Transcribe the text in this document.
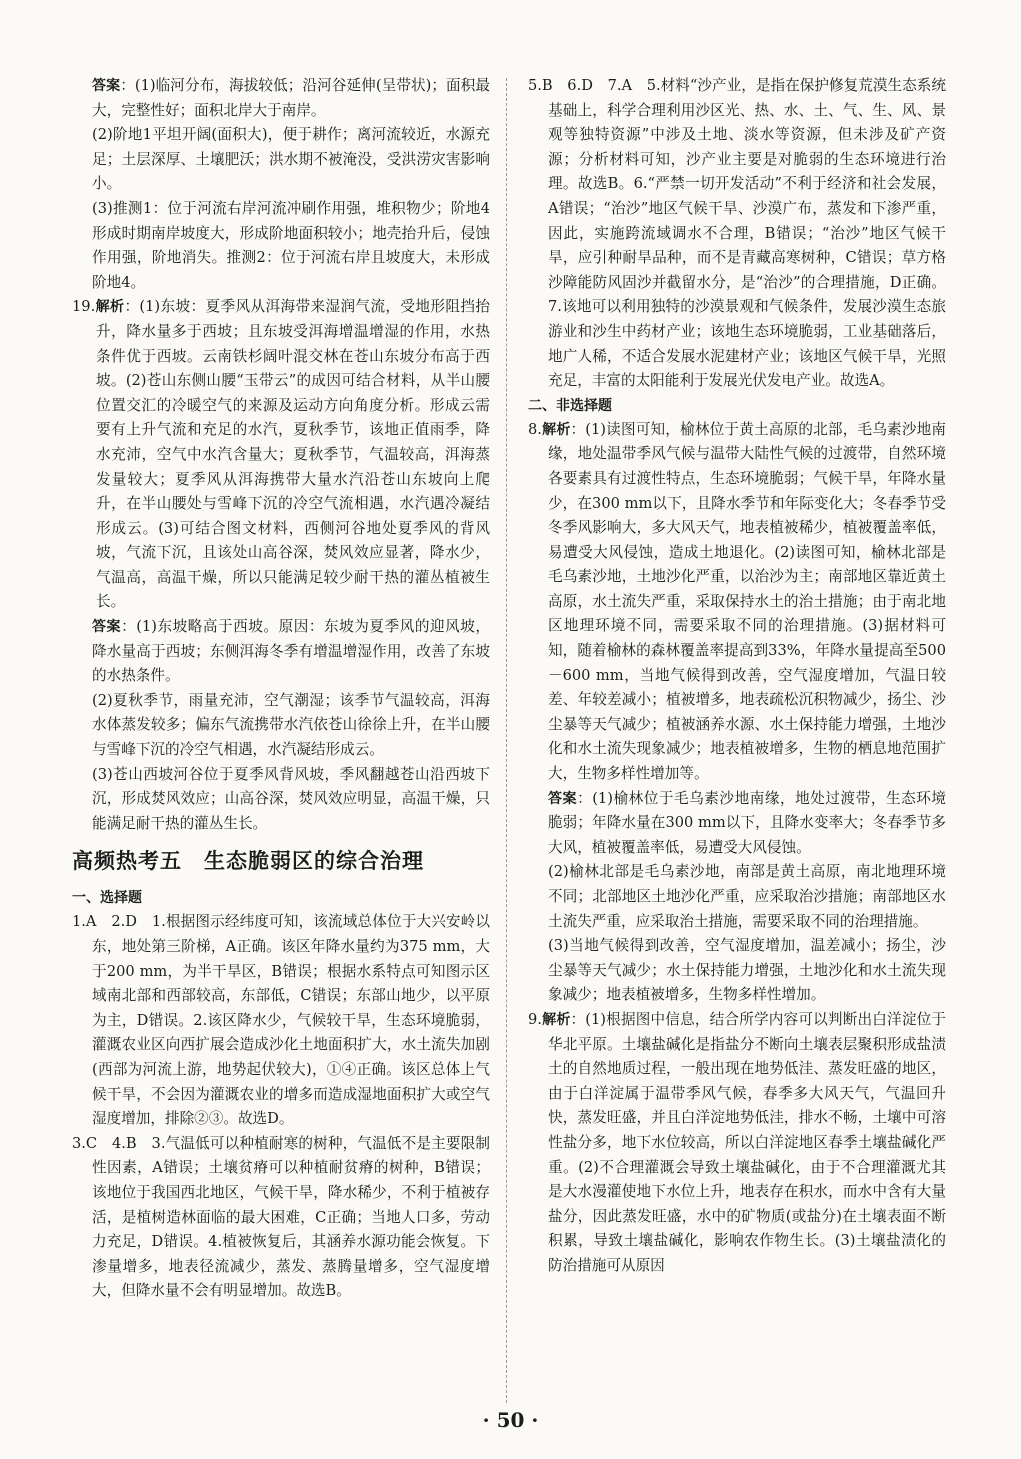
答案：(1)临河分布，海拔较低；沿河谷延伸(呈带状)；面积最大，完整性好；面积北岸大于南岸。

(2)阶地1平坦开阔(面积大)，便于耕作；离河流较近，水源充足；土层深厚、土壤肥沃；洪水期不被淹没，受洪涝灾害影响小。

(3)推测1：位于河流右岸河流冲刷作用强，堆积物少；阶地4形成时期南岸坡度大，形成阶地面积较小；地壳抬升后，侵蚀作用强，阶地消失。推测2：位于河流右岸且坡度大，未形成阶地4。

19.解析：(1)东坡：夏季风从洱海带来湿润气流，受地形阻挡抬升，降水量多于西坡；且东坡受洱海增温增湿的作用，水热条件优于西坡。云南铁杉阔叶混交林在苍山东坡分布高于西坡。(2)苍山东侧山腰“玉带云”的成因可结合材料，从半山腰位置交汇的冷暖空气的来源及运动方向角度分析。形成云需要有上升气流和充足的水汽，夏秋季节，该地正值雨季，降水充沛，空气中水汽含量大；夏秋季节，气温较高，洱海蒸发量较大；夏季风从洱海携带大量水汽沿苍山东坡向上爬升，在半山腰处与雪峰下沉的冷空气流相遇，水汽遇冷凝结形成云。(3)可结合图文材料，西侧河谷地处夏季风的背风坡，气流下沉，且该处山高谷深，焚风效应显著，降水少，气温高，高温干燥，所以只能满足较少耐干热的灌丛植被生长。

答案：(1)东坡略高于西坡。原因：东坡为夏季风的迎风坡，降水量高于西坡；东侧洱海冬季有增温增湿作用，改善了东坡的水热条件。

(2)夏秋季节，雨量充沛，空气潮湿；该季节气温较高，洱海水体蒸发较多；偏东气流携带水汽依苍山徐徐上升，在半山腰与雪峰下沉的冷空气相遇，水汽凝结形成云。

(3)苍山西坡河谷位于夏季风背风坡，季风翻越苍山沿西坡下沉，形成焚风效应；山高谷深，焚风效应明显，高温干燥，只能满足耐干热的灌丛生长。

高频热考五　生态脆弱区的综合治理
一、选择题

1.A　2.D　1.根据图示经纬度可知，该流域总体位于大兴安岭以东，地处第三阶梯，A正确。该区年降水量约为375 mm，大于200 mm，为半干旱区，B错误；根据水系特点可知图示区域南北部和西部较高，东部低，C错误；东部山地少，以平原为主，D错误。2.该区降水少，气候较干旱，生态环境脆弱，灌溉农业区向西扩展会造成沙化土地面积扩大，水土流失加剧(西部为河流上游，地势起伏较大)，①④正确。该区总体上气候干旱，不会因为灌溉农业的增多而造成湿地面积扩大或空气湿度增加，排除②③。故选D。

3.C　4.B　3.气温低可以种植耐寒的树种，气温低不是主要限制性因素，A错误；土壤贫瘠可以种植耐贫瘠的树种，B错误；该地位于我国西北地区，气候干旱，降水稀少，不利于植被存活，是植树造林面临的最大困难，C正确；当地人口多，劳动力充足，D错误。4.植被恢复后，其涵养水源功能会恢复。下渗量增多，地表径流减少，蒸发、蒸腾量增多，空气湿度增大，但降水量不会有明显增加。故选B。

5.B　6.D　7.A　5.材料“沙产业，是指在保护修复荒漠生态系统基础上，科学合理利用沙区光、热、水、土、气、生、风、景观等独特资源”中涉及土地、淡水等资源，但未涉及矿产资源；分析材料可知，沙产业主要是对脆弱的生态环境进行治理。故选B。6.“严禁一切开发活动”不利于经济和社会发展，A错误；“治沙”地区气候干旱、沙漠广布，蒸发和下渗严重，因此，实施跨流域调水不合理，B错误；“治沙”地区气候干旱，应引种耐旱品种，而不是青藏高寒树种，C错误；草方格沙障能防风固沙并截留水分，是“治沙”的合理措施，D正确。7.该地可以利用独特的沙漠景观和气候条件，发展沙漠生态旅游业和沙生中药材产业；该地生态环境脆弱，工业基础落后，地广人稀，不适合发展水泥建材产业；该地区气候干旱，光照充足，丰富的太阳能利于发展光伏发电产业。故选A。

二、非选择题

8.解析：(1)读图可知，榆林位于黄土高原的北部，毛乌素沙地南缘，地处温带季风气候与温带大陆性气候的过渡带，自然环境各要素具有过渡性特点，生态环境脆弱；气候干旱，年降水量少，在300 mm以下，且降水季节和年际变化大；冬春季节受冬季风影响大，多大风天气，地表植被稀少，植被覆盖率低，易遭受大风侵蚀，造成土地退化。(2)读图可知，榆林北部是毛乌素沙地，土地沙化严重，以治沙为主；南部地区靠近黄土高原，水土流失严重，采取保持水土的治土措施；由于南北地区地理环境不同，需要采取不同的治理措施。(3)据材料可知，随着榆林的森林覆盖率提高到33%，年降水量提高至500－600 mm，当地气候得到改善，空气湿度增加，气温日较差、年较差减小；植被增多，地表疏松沉积物减少，扬尘、沙尘暴等天气减少；植被涵养水源、水土保持能力增强，土地沙化和水土流失现象减少；地表植被增多，生物的栖息地范围扩大，生物多样性增加等。

答案：(1)榆林位于毛乌素沙地南缘，地处过渡带，生态环境脆弱；年降水量在300 mm以下，且降水变率大；冬春季节多大风，植被覆盖率低，易遭受大风侵蚀。

(2)榆林北部是毛乌素沙地，南部是黄土高原，南北地理环境不同；北部地区土地沙化严重，应采取治沙措施；南部地区水土流失严重，应采取治土措施，需要采取不同的治理措施。

(3)当地气候得到改善，空气湿度增加，温差减小；扬尘，沙尘暴等天气减少；水土保持能力增强，土地沙化和水土流失现象减少；地表植被增多，生物多样性增加。

9.解析：(1)根据图中信息，结合所学内容可以判断出白洋淀位于华北平原。土壤盐碱化是指盐分不断向土壤表层聚积形成盐渍土的自然地质过程，一般出现在地势低洼、蒸发旺盛的地区，由于白洋淀属于温带季风气候，春季多大风天气，气温回升快，蒸发旺盛，并且白洋淀地势低洼，排水不畅，土壤中可溶性盐分多，地下水位较高，所以白洋淀地区春季土壤盐碱化严重。(2)不合理灌溉会导致土壤盐碱化，由于不合理灌溉尤其是大水漫灌使地下水位上升，地表存在积水，而水中含有大量盐分，因此蒸发旺盛，水中的矿物质(或盐分)在土壤表面不断积累，导致土壤盐碱化，影响农作物生长。(3)土壤盐渍化的防治措施可从原因

· 50 ·
